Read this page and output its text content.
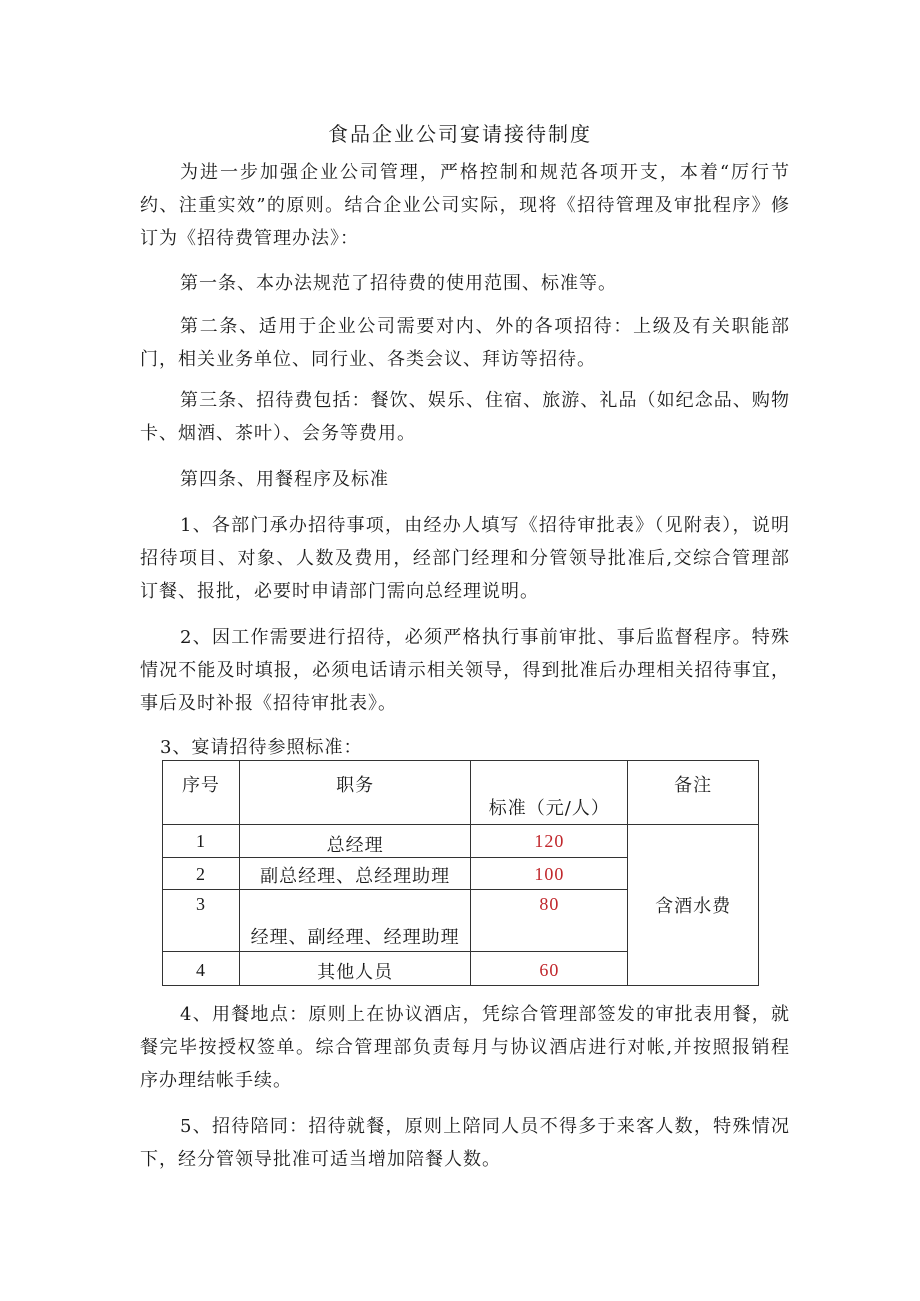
食品企业公司宴请接待制度

为进一步加强企业公司管理，严格控制和规范各项开支，本着“厉行节约、注重实效”的原则。结合企业公司实际，现将《招待管理及审批程序》修订为《招待费管理办法》：

第一条、本办法规范了招待费的使用范围、标准等。

第二条、适用于企业公司需要对内、外的各项招待：上级及有关职能部门，相关业务单位、同行业、各类会议、拜访等招待。

第三条、招待费包括：餐饮、娱乐、住宿、旅游、礼品（如纪念品、购物卡、烟酒、茶叶）、会务等费用。

第四条、用餐程序及标准

1、各部门承办招待事项，由经办人填写《招待审批表》（见附表），说明招待项目、对象、人数及费用，经部门经理和分管领导批准后,交综合管理部订餐、报批，必要时申请部门需向总经理说明。

2、因工作需要进行招待，必须严格执行事前审批、事后监督程序。特殊情况不能及时填报，必须电话请示相关领导，得到批准后办理相关招待事宜，事后及时补报《招待审批表》。

3、宴请招待参照标准：

序号	职务	标准（元/人）	备注
1	总经理	120	含酒水费
2	副总经理、总经理助理	100	
3	经理、副经理、经理助理	80	
4	其他人员	60	

4、用餐地点：原则上在协议酒店，凭综合管理部签发的审批表用餐，就餐完毕按授权签单。综合管理部负责每月与协议酒店进行对帐,并按照报销程序办理结帐手续。

5、招待陪同：招待就餐，原则上陪同人员不得多于来客人数，特殊情况下，经分管领导批准可适当增加陪餐人数。
